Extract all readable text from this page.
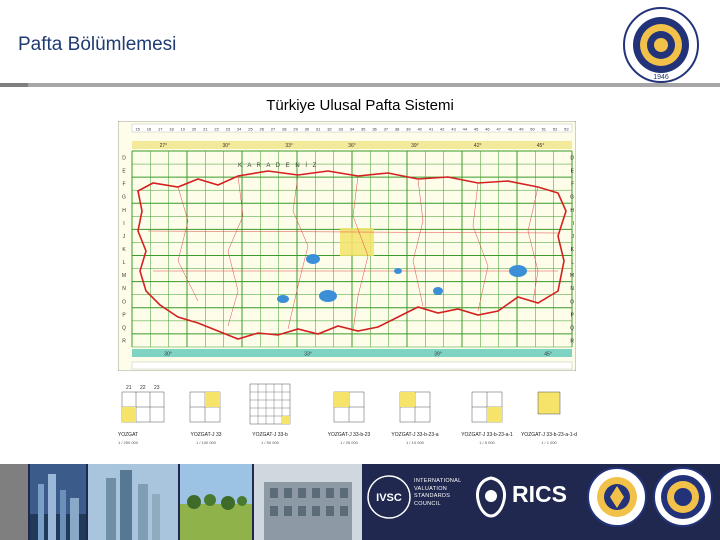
Pafta Bölümlemesi
1946
Türkiye Ulusal Pafta Sistemi
15 16 17 18 19 20 21 22 23 24 25 26 27 28 29 30 31 32 33 34 35 36 37 38 39 40 41 42 43 44 45 46 47 48 49 50 51 52 53
27°	30°	33°	36°	39°	42°	45°
D	D
E	E
F	F
G	G
H	H
I	I
J	J
K	K
L	L
M	M
N	N
O	O
P	P
Q	Q
R	R
K A R A D E N İ Z
30°	33°	39°	45°
21 22 23
YOZGAT
1 / 250 000
YOZGAT-J 33
1 / 100 000
YOZGAT-J 33-b
1 / 50 000
YOZGAT-J 33-b-23
1 / 25 000
YOZGAT-J 33-b-23-a
1 / 10 000
YOZGAT-J 33-b-23-a-1
1 / 5 000
YOZGAT-J 33-b-23-a-1-d
1 / 1 000
IVSC
INTERNATIONAL
VALUATION
STANDARDS
COUNCIL	RICS
